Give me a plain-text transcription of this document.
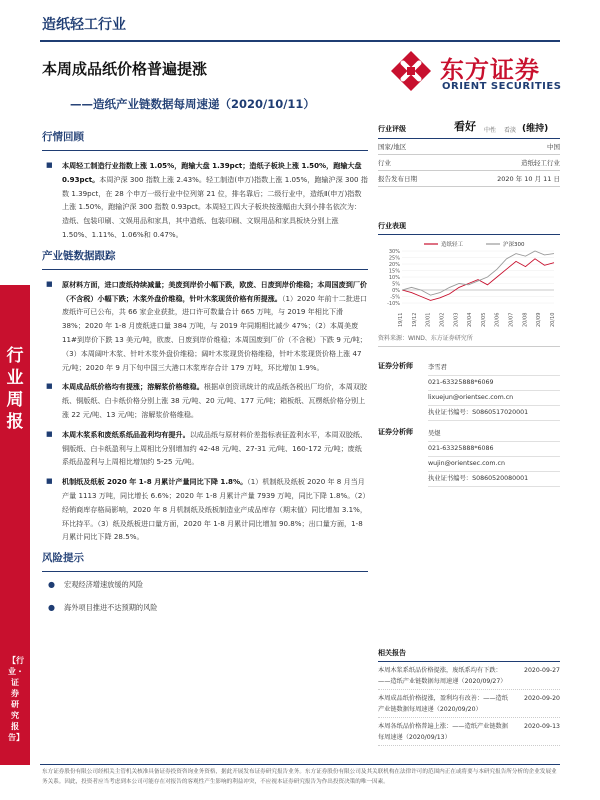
造纸轻工行业
本周成品纸价格普遍提涨
——造纸产业链数据每周速递（2020/10/11）
东方证券
ORIENT SECURITIES
行业周报
【行业・证券研究报告】
行情回顾
■ 本周轻工制造行业指数上涨 1.05%，跑输大盘 1.39pct；造纸子板块上涨 1.50%，跑输大盘 0.93pct。本周沪深 300 指数上涨 2.43%。轻工制造(申万)指数上涨 1.05%，跑输沪深 300 指数 1.39pct，在 28 个申万一级行业中位列第 21 位，排名靠后；二级行业中，造纸Ⅱ(申万)指数上涨 1.50%，跑输沪深 300 指数 0.93pct。本周轻工四大子板块按涨幅由大到小排名依次为：造纸、包装印刷、文娱用品和家具，其中造纸、包装印刷、文娱用品和家具板块分别上涨 1.50%、1.11%、1.06%和 0.47%。
产业链数据跟踪
■ 原材料方面，进口废纸持续减量；美废到岸价小幅下跌，欧废、日废到岸价维稳；本周国废到厂价（不含税）小幅下跌；木浆外盘价维稳，针叶木浆现货价格有所提涨。（1）2020 年前十二批进口废纸许可已公布，共 66 家企业获批，进口许可数量合计 665 万吨，与 2019 年相比下滑 38%；2020 年 1-8 月废纸进口量 384 万吨，与 2019 年同期相比减少 47%；（2）本周美废 11#到岸价下跌 13 美元/吨，欧废、日废到岸价维稳；本周国废到厂价（不含税）下跌 9 元/吨；（3）本周阔叶木浆、针叶木浆外盘价维稳；阔叶木浆现货价格维稳，针叶木浆现货价格上涨 47 元/吨；2020 年 9 月下旬中国三大港口木浆库存合计 179 万吨，环比增加 1.9%。
■ 本周成品纸价格均有提涨；溶解浆价格维稳。根据卓创资讯统计的成品纸各税出厂均价，本周双胶纸、铜版纸、白卡纸价格分别上涨 38 元/吨、20 元/吨、177 元/吨；箱板纸、瓦楞纸价格分别上涨 22 元/吨、13 元/吨；溶解浆价格维稳。
■ 本周木浆系和废纸系纸品盈利均有提升。以成品纸与原材料价差指标表征盈利水平，本周双胶纸、铜版纸、白卡纸盈利与上周相比分别增加约 42-48 元/吨、27-31 元/吨、160-172 元/吨；废纸系纸品盈利与上周相比增加约 5-25 元/吨。
■ 机制纸及纸板 2020 年 1-8 月累计产量同比下降 1.8%。（1）机制纸及纸板 2020 年 8 月当月产量 1113 万吨，同比增长 6.6%；2020 年 1-8 月累计产量 7939 万吨，同比下降 1.8%。（2）经销商库存格局影响，2020 年 8 月机制纸及纸板制造业产成品库存（期末值）同比增加 3.1%，环比持平。（3）纸及纸板进口量方面，2020 年 1-8 月累计同比增加 90.8%；出口量方面，1-8 月累计同比下降 28.5%。
风险提示
● 宏观经济增速放缓的风险
● 海外项目推进不达预期的风险
行业评级	看好 中性 看淡 (维持)
国家/地区	中国
行业	造纸轻工行业
报告发布日期	2020 年 10 月 11 日
行业表现
30%
25%
20%
15%
10%
5%
0%
-5%
-10%
19/11 19/12 20/01 20/02 20/03 20/04 20/05 20/06 20/07 20/08 20/09 20/10
造纸轻工	沪深300
资料来源：WIND、东方证券研究所
证券分析师	李雪君
021-63325888*6069
lixuejun@orientsec.com.cn
执业证书编号：S0860517020001
证券分析师	吴煜
021-63325888*6086
wujin@orientsec.com.cn
执业证书编号：S0860520080001
相关报告
本周木浆系纸品价格提涨，废纸系均有下跌：——造纸产业链数据每周速递（2020/09/27）
2020-09-27
本周成品纸价格提涨，盈利均有改善：——造纸产业链数据每周速递（2020/09/20）
2020-09-20
本周各纸品价格普遍上涨：——造纸产业链数据每周速递（2020/09/13）
2020-09-13
东方证券股份有限公司经相关主管机关核准具备证券投资咨询业务资格，据此开展发布证券研究报告业务。东方证券股份有限公司及其关联机构在法律许可的范围内正在或将要与本研究报告所分析的企业发展业务关系。因此，投资者应当考虑到本公司可能存在对报告的客观性产生影响的利益冲突，不应视本证券研究报告为作出投资决策的唯一因素。
